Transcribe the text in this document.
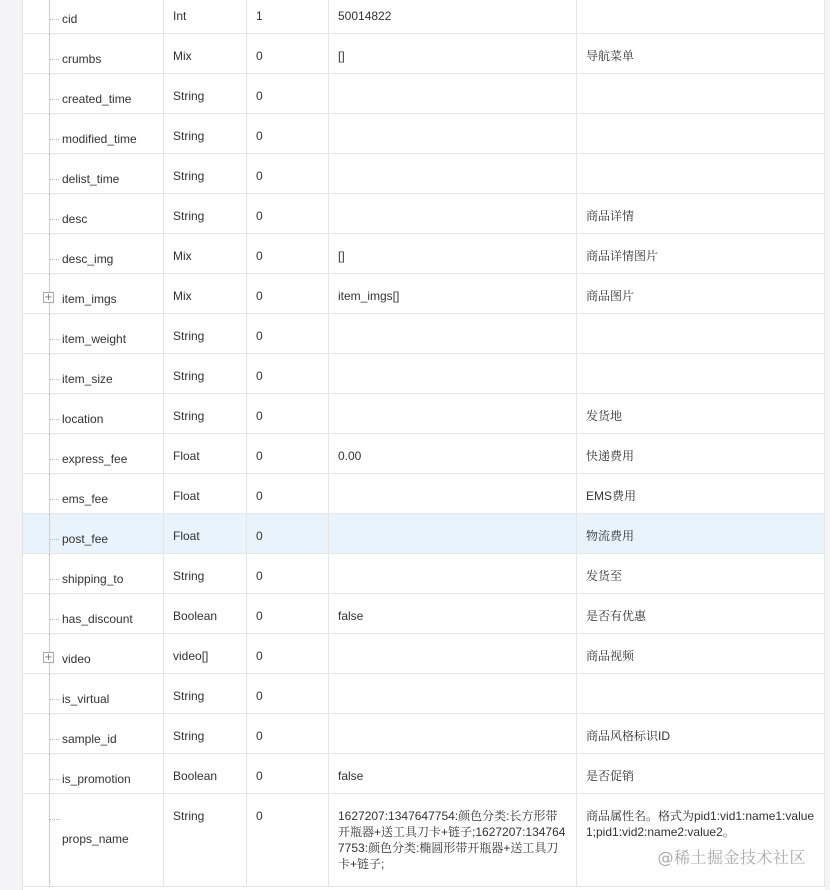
	cid	Int	1	50014822	

	crumbs	Mix	0	[]	导航菜单

	created_time	String	0		

	modified_time	String	0		

	delist_time	String	0		

	desc	String	0		商品详情

	desc_img	Mix	0	[]	商品详情图片

+	item_imgs	Mix	0	item_imgs[]	商品图片

	item_weight	String	0		

	item_size	String	0		

	location	String	0		发货地

	express_fee	Float	0	0.00	快递费用

	ems_fee	Float	0		EMS费用

	post_fee	Float	0		物流费用

	shipping_to	String	0		发货至

	has_discount	Boolean	0	false	是否有优惠

+	video	video[]	0		商品视频

	is_virtual	String	0		

	sample_id	String	0		商品风格标识ID

	is_promotion	Boolean	0	false	是否促销

	props_name	String	0	1627207:1347647754:颜色分类:长方形带开瓶器+送工具刀卡+链子;1627207:1347647753:颜色分类:椭圆形带开瓶器+送工具刀卡+链子;	商品属性名。格式为pid1:vid1:name1:value1;pid1:vid2:name2:value2。
@稀土掘金技术社区
